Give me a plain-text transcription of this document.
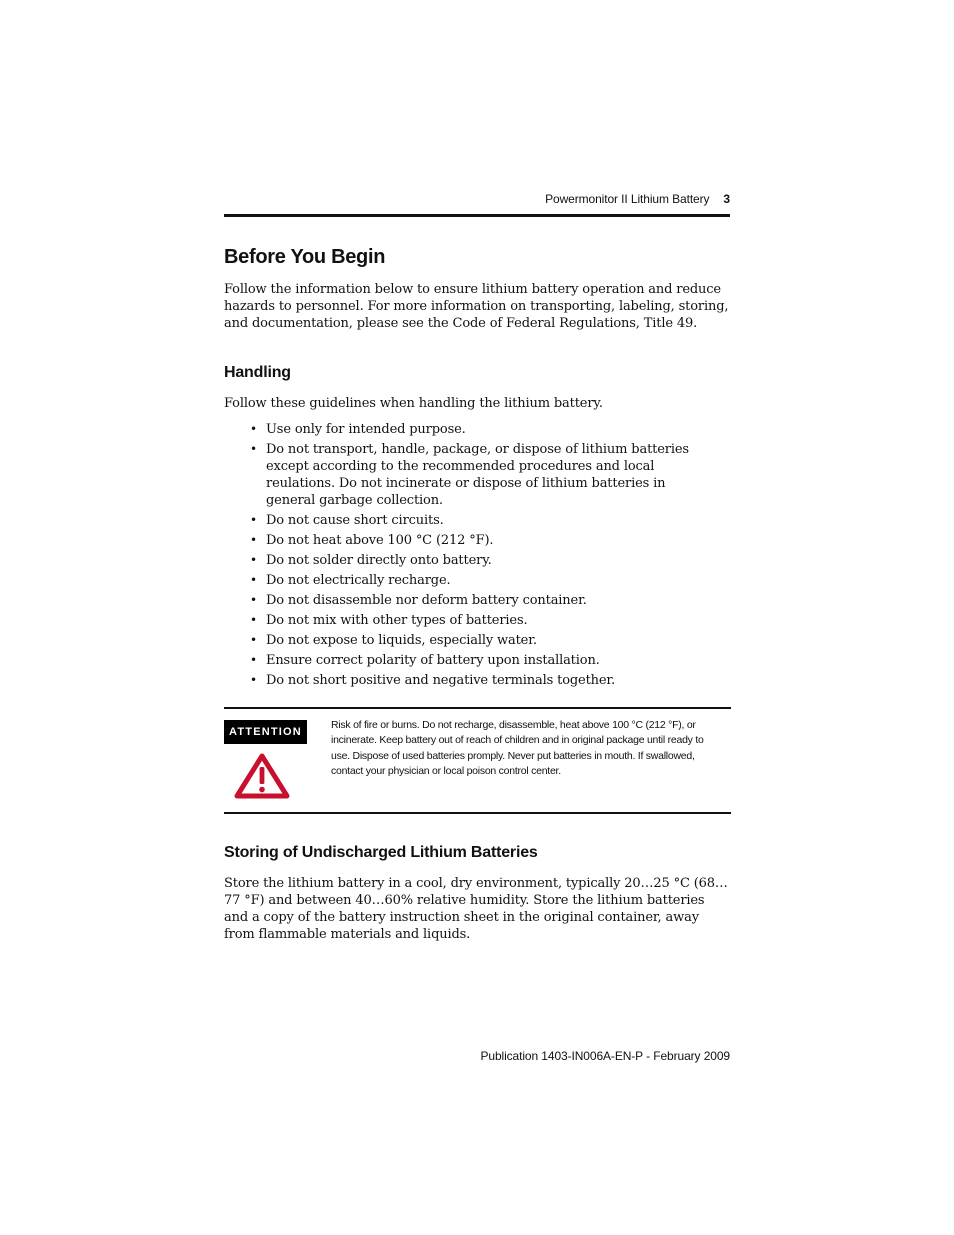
Powermonitor II Lithium Battery 3
Before You Begin

Follow the information below to ensure lithium battery operation and reduce hazards to personnel. For more information on transporting, labeling, storing, and documentation, please see the Code of Federal Regulations, Title 49.

Handling

Follow these guidelines when handling the lithium battery.

• Use only for intended purpose.
• Do not transport, handle, package, or dispose of lithium batteries except according to the recommended procedures and local reulations. Do not incinerate or dispose of lithium batteries in general garbage collection.
• Do not cause short circuits.
• Do not heat above 100 °C (212 °F).
• Do not solder directly onto battery.
• Do not electrically recharge.
• Do not disassemble nor deform battery container.
• Do not mix with other types of batteries.
• Do not expose to liquids, especially water.
• Ensure correct polarity of battery upon installation.
• Do not short positive and negative terminals together.
ATTENTION

Risk of fire or burns. Do not recharge, disassemble, heat above 100 °C (212 °F), or incinerate. Keep battery out of reach of children and in original package until ready to use. Dispose of used batteries promply. Never put batteries in mouth. If swallowed, contact your physician or local poison control center.

Storing of Undischarged Lithium Batteries

Store the lithium battery in a cool, dry environment, typically 20…25 °C (68…77 °F) and between 40…60% relative humidity. Store the lithium batteries and a copy of the battery instruction sheet in the original container, away from flammable materials and liquids.

Publication 1403-IN006A-EN-P - February 2009
